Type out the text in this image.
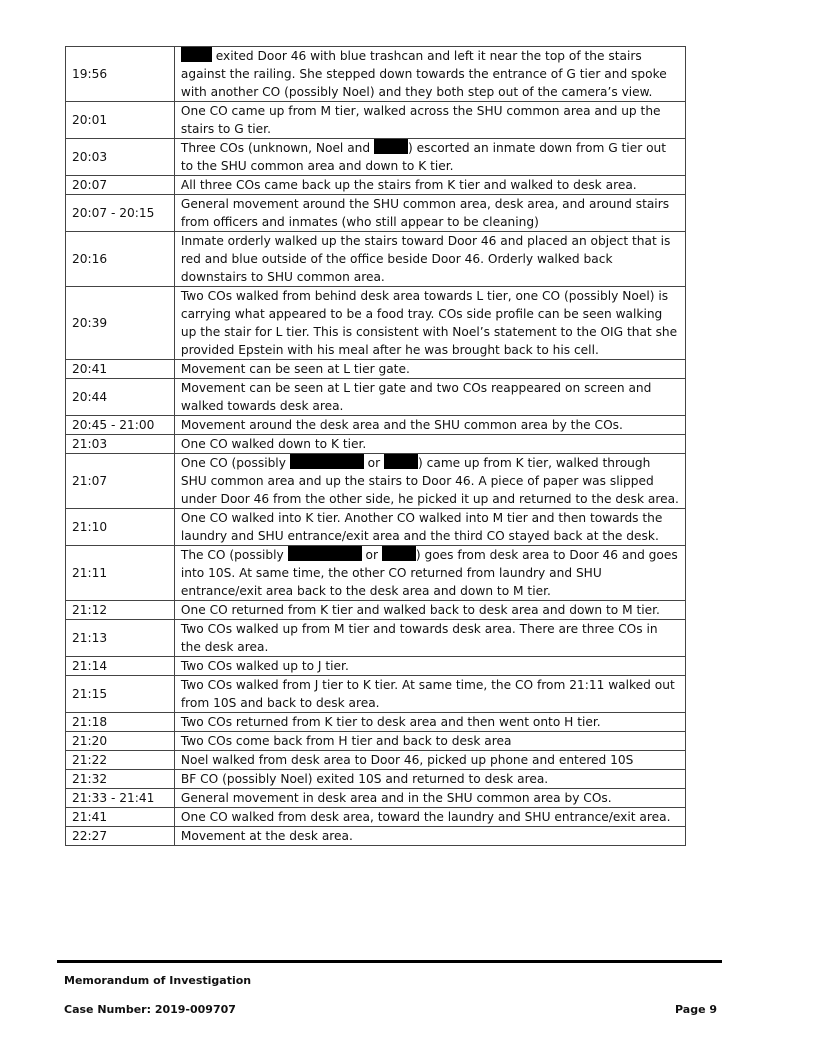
19:56	exited Door 46 with blue trashcan and left it near the top of the stairs against the railing. She stepped down towards the entrance of G tier and spoke with another CO (possibly Noel) and they both step out of the camera’s view.
20:01	One CO came up from M tier, walked across the SHU common area and up the stairs to G tier.
20:03	Three COs (unknown, Noel and ) escorted an inmate down from G tier out to the SHU common area and down to K tier.
20:07	All three COs came back up the stairs from K tier and walked to desk area.
20:07 - 20:15	General movement around the SHU common area, desk area, and around stairs from officers and inmates (who still appear to be cleaning)
20:16	Inmate orderly walked up the stairs toward Door 46 and placed an object that is red and blue outside of the office beside Door 46. Orderly walked back downstairs to SHU common area.
20:39	Two COs walked from behind desk area towards L tier, one CO (possibly Noel) is carrying what appeared to be a food tray. COs side profile can be seen walking up the stair for L tier. This is consistent with Noel’s statement to the OIG that she provided Epstein with his meal after he was brought back to his cell.
20:41	Movement can be seen at L tier gate.
20:44	Movement can be seen at L tier gate and two COs reappeared on screen and walked towards desk area.
20:45 - 21:00	Movement around the desk area and the SHU common area by the COs.
21:03	One CO walked down to K tier.
21:07	One CO (possibly or ) came up from K tier, walked through SHU common area and up the stairs to Door 46. A piece of paper was slipped under Door 46 from the other side, he picked it up and returned to the desk area.
21:10	One CO walked into K tier. Another CO walked into M tier and then towards the laundry and SHU entrance/exit area and the third CO stayed back at the desk.
21:11	The CO (possibly or ) goes from desk area to Door 46 and goes into 10S. At same time, the other CO returned from laundry and SHU entrance/exit area back to the desk area and down to M tier.
21:12	One CO returned from K tier and walked back to desk area and down to M tier.
21:13	Two COs walked up from M tier and towards desk area. There are three COs in the desk area.
21:14	Two COs walked up to J tier.
21:15	Two COs walked from J tier to K tier. At same time, the CO from 21:11 walked out from 10S and back to desk area.
21:18	Two COs returned from K tier to desk area and then went onto H tier.
21:20	Two COs come back from H tier and back to desk area
21:22	Noel walked from desk area to Door 46, picked up phone and entered 10S
21:32	BF CO (possibly Noel) exited 10S and returned to desk area.
21:33 - 21:41	General movement in desk area and in the SHU common area by COs.
21:41	One CO walked from desk area, toward the laundry and SHU entrance/exit area.
22:27	Movement at the desk area.
Memorandum of Investigation
Case Number: 2019-009707	Page 9
